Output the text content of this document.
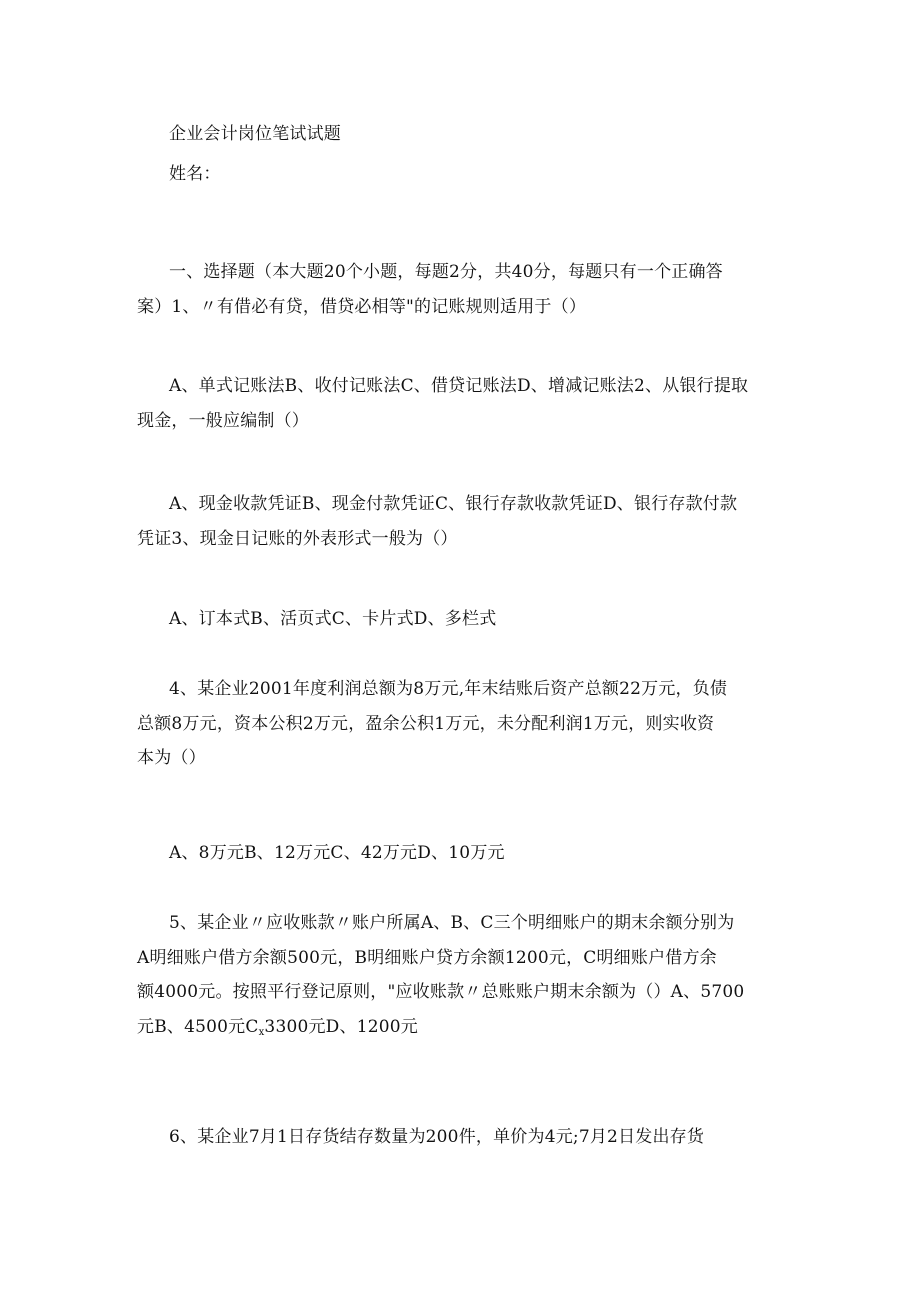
企业会计岗位笔试试题

姓名：

一、选择题（本大题20个小题，每题2分，共40分，每题只有一个正确答
案）1、〃有借必有贷，借贷必相等"的记账规则适用于（）

A、单式记账法B、收付记账法C、借贷记账法D、增减记账法2、从银行提取
现金，一般应编制（）

A、现金收款凭证B、现金付款凭证C、银行存款收款凭证D、银行存款付款
凭证3、现金日记账的外表形式一般为（）

A、订本式B、活页式C、卡片式D、多栏式

4、某企业2001年度利润总额为8万元,年末结账后资产总额22万元，负债
总额8万元，资本公积2万元，盈余公积1万元，未分配利润1万元，则实收资
本为（）

A、8万元B、12万元C、42万元D、10万元

5、某企业〃应收账款〃账户所属A、B、C三个明细账户的期末余额分别为
A明细账户借方余额500元，B明细账户贷方余额1200元，C明细账户借方余
额4000元。按照平行登记原则，"应收账款〃总账账户期末余额为（）A、5700
元B、4500元$C_x3300$元D、1200元

6、某企业7月1日存货结存数量为200件，单价为4元;7月2日发出存货
